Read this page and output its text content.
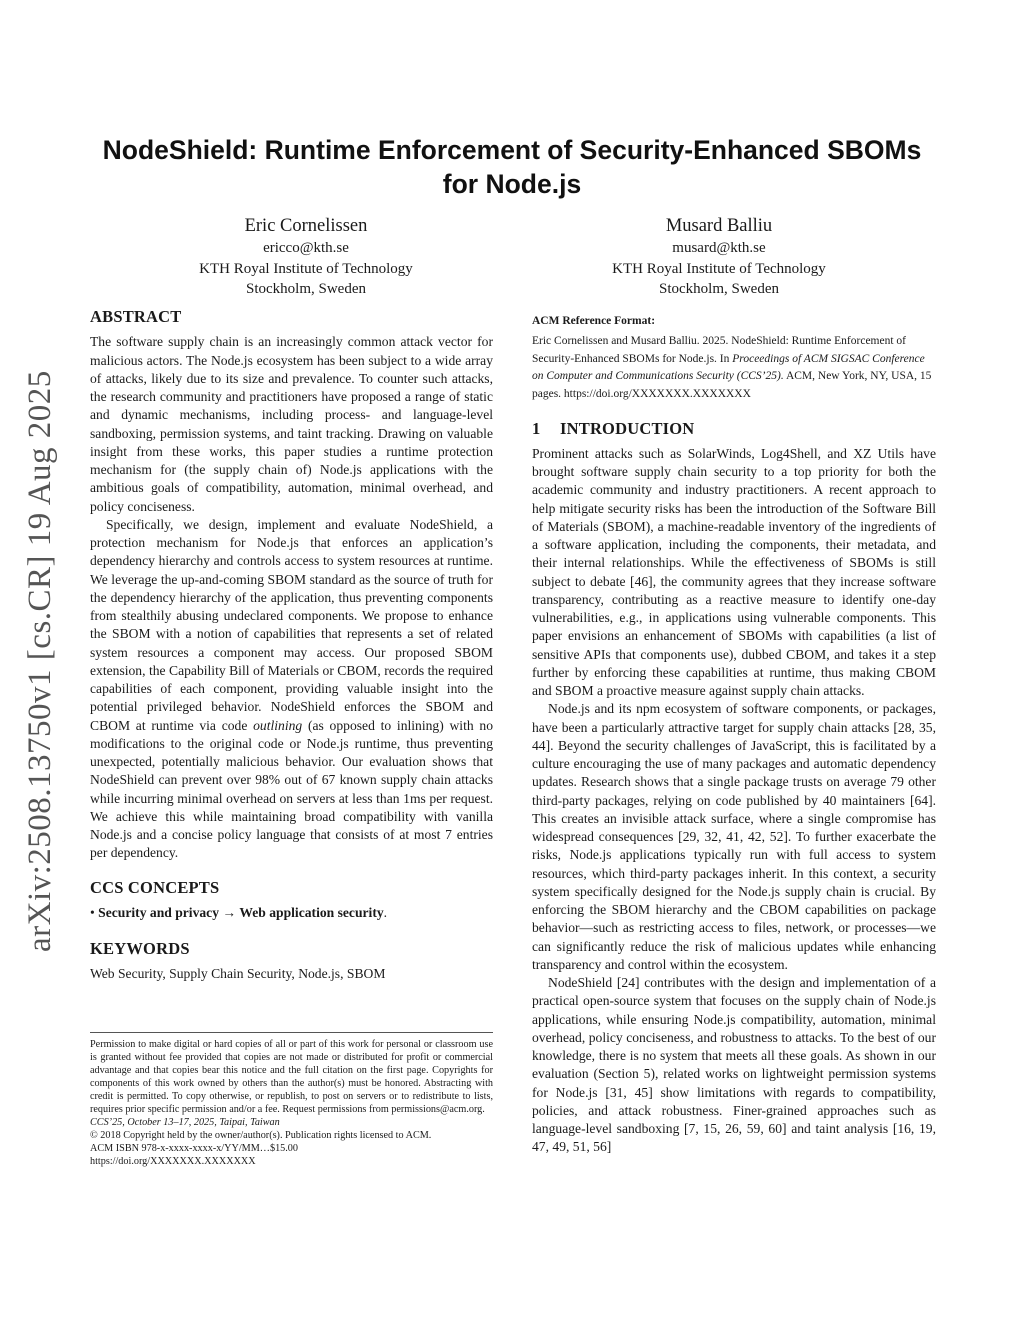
arXiv:2508.13750v1 [cs.CR] 19 Aug 2025
NodeShield: Runtime Enforcement of Security-Enhanced SBOMs
for Node.js
Eric Cornelissen
ericco@kth.se
KTH Royal Institute of Technology
Stockholm, Sweden
Musard Balliu
musard@kth.se
KTH Royal Institute of Technology
Stockholm, Sweden
ABSTRACT

The software supply chain is an increasingly common attack vector for malicious actors. The Node.js ecosystem has been subject to a wide array of attacks, likely due to its size and prevalence. To counter such attacks, the research community and practitioners have proposed a range of static and dynamic mechanisms, including process- and language-level sandboxing, permission systems, and taint tracking. Drawing on valuable insight from these works, this paper studies a runtime protection mechanism for (the supply chain of) Node.js applications with the ambitious goals of compatibility, automation, minimal overhead, and policy conciseness.

Specifically, we design, implement and evaluate NodeShield, a protection mechanism for Node.js that enforces an application’s dependency hierarchy and controls access to system resources at runtime. We leverage the up-and-coming SBOM standard as the source of truth for the dependency hierarchy of the application, thus preventing components from stealthily abusing undeclared components. We propose to enhance the SBOM with a notion of capabilities that represents a set of related system resources a component may access. Our proposed SBOM extension, the Capability Bill of Materials or CBOM, records the required capabilities of each component, providing valuable insight into the potential privileged behavior. NodeShield enforces the SBOM and CBOM at runtime via code outlining (as opposed to inlining) with no modifications to the original code or Node.js runtime, thus preventing unexpected, potentially malicious behavior. Our evaluation shows that NodeShield can prevent over 98% out of 67 known supply chain attacks while incurring minimal overhead on servers at less than 1ms per request. We achieve this while maintaining broad compatibility with vanilla Node.js and a concise policy language that consists of at most 7 entries per dependency.

CCS CONCEPTS

• Security and privacy → Web application security.

KEYWORDS

Web Security, Supply Chain Security, Node.js, SBOM

Permission to make digital or hard copies of all or part of this work for personal or classroom use is granted without fee provided that copies are not made or distributed for profit or commercial advantage and that copies bear this notice and the full citation on the first page. Copyrights for components of this work owned by others than the author(s) must be honored. Abstracting with credit is permitted. To copy otherwise, or republish, to post on servers or to redistribute to lists, requires prior specific permission and/or a fee. Request permissions from permissions@acm.org.

CCS’25, October 13–17, 2025, Taipai, Taiwan

© 2018 Copyright held by the owner/author(s). Publication rights licensed to ACM.

ACM ISBN 978-x-xxxx-xxxx-x/YY/MM…$15.00

https://doi.org/XXXXXXX.XXXXXXX

ACM Reference Format:

Eric Cornelissen and Musard Balliu. 2025. NodeShield: Runtime Enforcement of Security-Enhanced SBOMs for Node.js. In Proceedings of ACM SIGSAC Conference on Computer and Communications Security (CCS’25). ACM, New York, NY, USA, 15 pages. https://doi.org/XXXXXXX.XXXXXXX

1 INTRODUCTION

Prominent attacks such as SolarWinds, Log4Shell, and XZ Utils have brought software supply chain security to a top priority for both the academic community and industry practitioners. A recent approach to help mitigate security risks has been the introduction of the Software Bill of Materials (SBOM), a machine-readable inventory of the ingredients of a software application, including the components, their metadata, and their internal relationships. While the effectiveness of SBOMs is still subject to debate [46], the community agrees that they increase software transparency, contributing as a reactive measure to identify one-day vulnerabilities, e.g., in applications using vulnerable components. This paper envisions an enhancement of SBOMs with capabilities (a list of sensitive APIs that components use), dubbed CBOM, and takes it a step further by enforcing these capabilities at runtime, thus making CBOM and SBOM a proactive measure against supply chain attacks.

Node.js and its npm ecosystem of software components, or packages, have been a particularly attractive target for supply chain attacks [28, 35, 44]. Beyond the security challenges of JavaScript, this is facilitated by a culture encouraging the use of many packages and automatic dependency updates. Research shows that a single package trusts on average 79 other third-party packages, relying on code published by 40 maintainers [64]. This creates an invisible attack surface, where a single compromise has widespread consequences [29, 32, 41, 42, 52]. To further exacerbate the risks, Node.js applications typically run with full access to system resources, which third-party packages inherit. In this context, a security system specifically designed for the Node.js supply chain is crucial. By enforcing the SBOM hierarchy and the CBOM capabilities on package behavior—such as restricting access to files, network, or processes—we can significantly reduce the risk of malicious updates while enhancing transparency and control within the ecosystem.

NodeShield [24] contributes with the design and implementation of a practical open-source system that focuses on the supply chain of Node.js applications, while ensuring Node.js compatibility, automation, minimal overhead, policy conciseness, and robustness to attacks. To the best of our knowledge, there is no system that meets all these goals. As shown in our evaluation (Section 5), related works on lightweight permission systems for Node.js [31, 45] show limitations with regards to compatibility, policies, and attack robustness. Finer-grained approaches such as language-level sandboxing [7, 15, 26, 59, 60] and taint analysis [16, 19, 47, 49, 51, 56]
